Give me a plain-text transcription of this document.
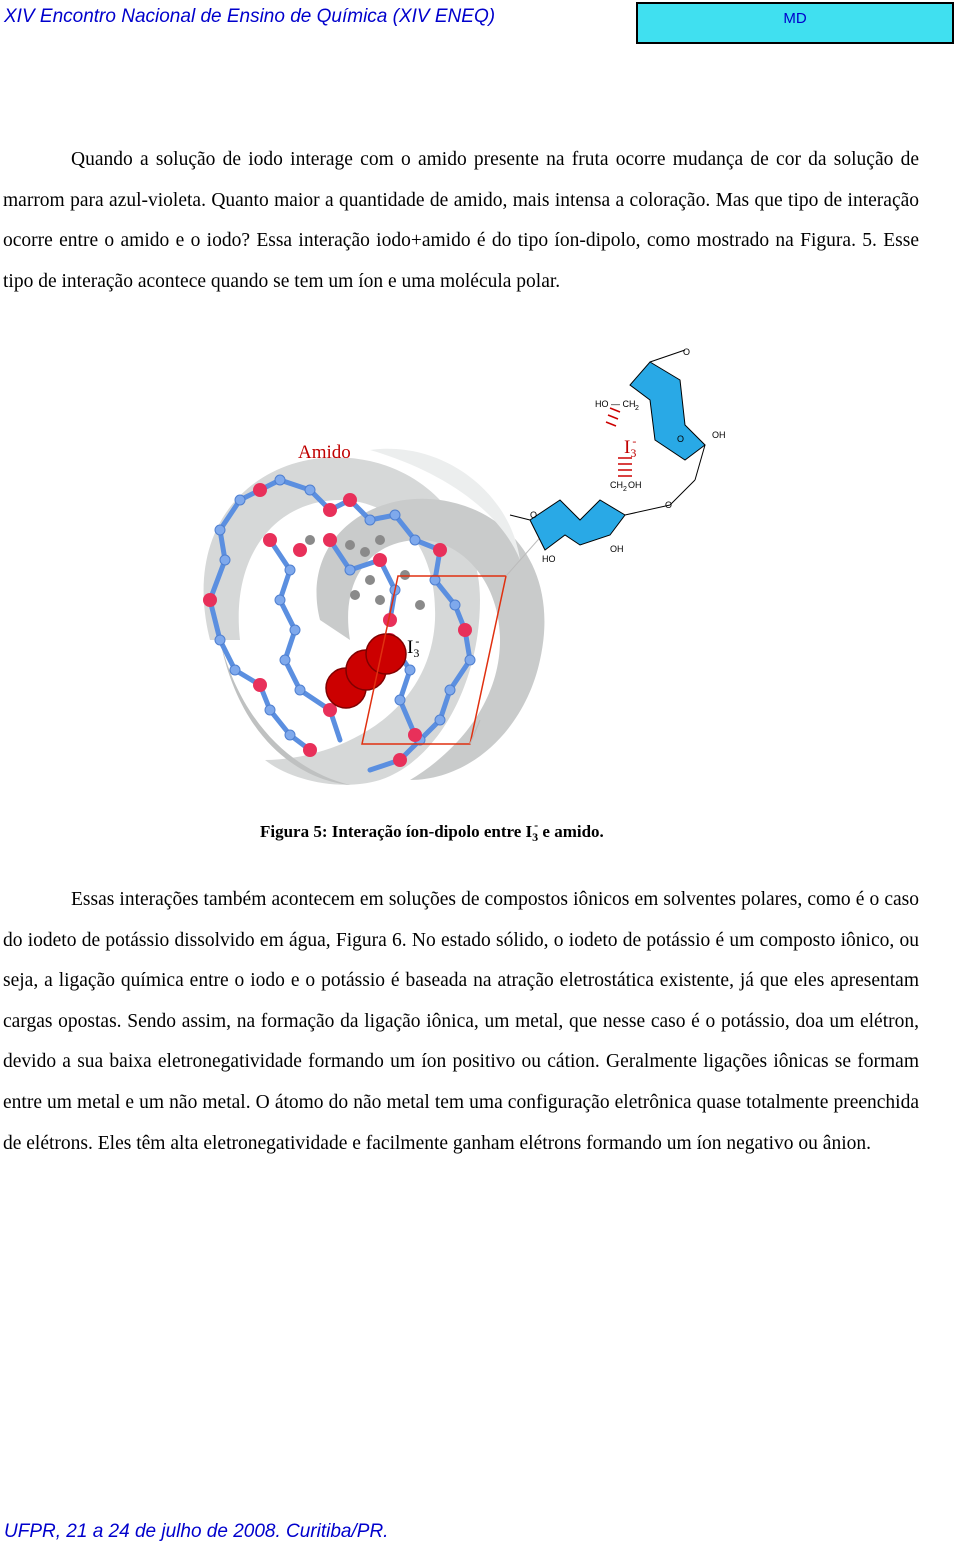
XIV Encontro Nacional de Ensino de Química (XIV ENEQ)	MD

Quando a solução de iodo interage com o amido presente na fruta ocorre mudança de cor da solução de marrom para azul-violeta. Quanto maior a quantidade de amido, mais intensa a coloração. Mas que tipo de interação ocorre entre o amido e o iodo? Essa interação iodo+amido é do tipo íon-dipolo, como mostrado na Figura. 5. Esse tipo de interação acontece quando se tem um íon e uma molécula polar.

O
HO — CH 2
OH
O
CH 2 OH
O
O
HO
OH
Amido	$I_3^-$
$I_3^-$
Figura 5: Interação íon-dipolo entre $I_3^-$ e amido.

Essas interações também acontecem em soluções de compostos iônicos em solventes polares, como é o caso do iodeto de potássio dissolvido em água, Figura 6. No estado sólido, o iodeto de potássio é um composto iônico, ou seja, a ligação química entre o iodo e o potássio é baseada na atração eletrostática existente, já que eles apresentam cargas opostas. Sendo assim, na formação da ligação iônica, um metal, que nesse caso é o potássio, doa um elétron, devido a sua baixa eletronegatividade formando um íon positivo ou cátion. Geralmente ligações iônicas se formam entre um metal e um não metal. O átomo do não metal tem uma configuração eletrônica quase totalmente preenchida de elétrons. Eles têm alta eletronegatividade e facilmente ganham elétrons formando um íon negativo ou ânion.

UFPR, 21 a 24 de julho de 2008. Curitiba/PR.
